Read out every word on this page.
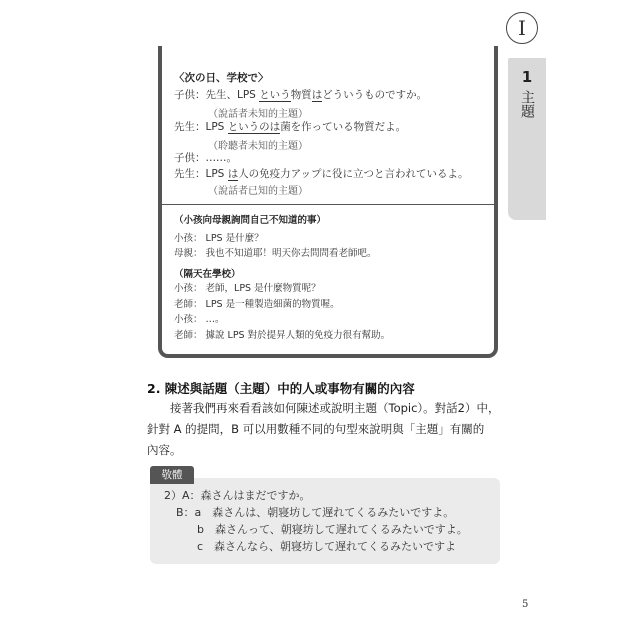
I
1
主題
〈次の日、学校で〉
子供：先生、LPS という物質はどういうものですか。
（說話者未知的主題）
先生：LPS というのは菌を作っている物質だよ。
（聆聽者未知的主題）
子供：……。
先生：LPS は人の免疫力アップに役に立つと言われているよ。
（說話者已知的主題）
（小孩向母親詢問自己不知道的事）
小孩： LPS 是什麼？
母親： 我也不知道耶！明天你去問問看老師吧。
（隔天在學校）
小孩： 老師，LPS 是什麼物質呢？
老師： LPS 是一種製造細菌的物質喔。
小孩： …。
老師： 據說 LPS 對於提昇人類的免疫力很有幫助。
2. 陳述與話題（主題）中的人或事物有關的內容
接著我們再來看看該如何陳述或說明主題（Topic）。對話2）中，
針對 A 的提問，B 可以用數種不同的句型來說明與「主題」有關的
內容。
敬體
2）A：森さんはまだですか。
B：a　森さんは、朝寝坊して遅れてくるみたいですよ。
b　森さんって、朝寝坊して遅れてくるみたいですよ。
c　森さんなら、朝寝坊して遅れてくるみたいですよ
5
